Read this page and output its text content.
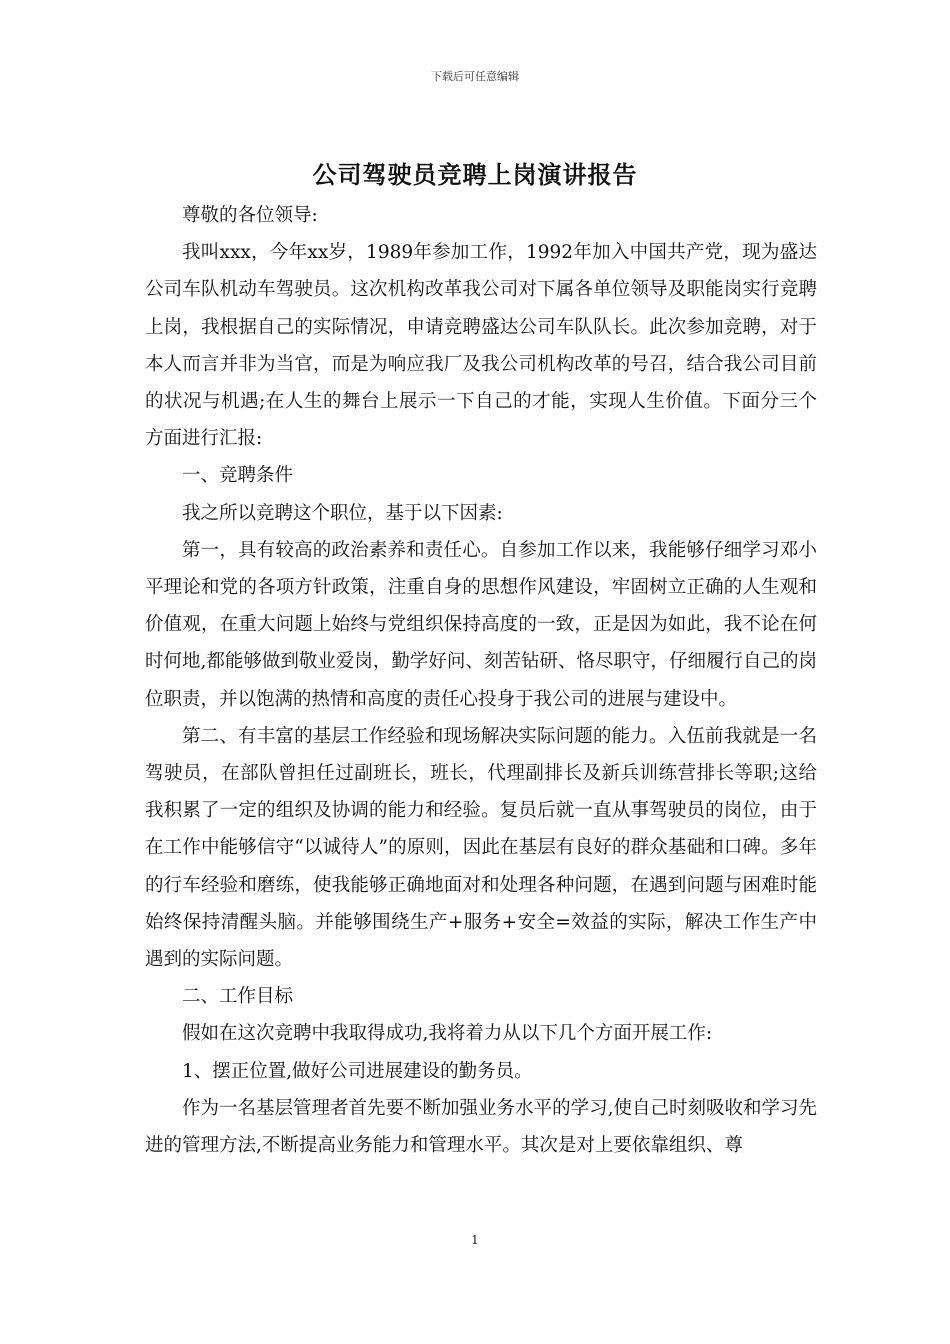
下载后可任意编辑
公司驾驶员竞聘上岗演讲报告

尊敬的各位领导:

我叫xxx，今年xx岁，1989年参加工作，1992年加入中国共产党，现为盛达公司车队机动车驾驶员。这次机构改革我公司对下属各单位领导及职能岗实行竞聘上岗，我根据自己的实际情况，申请竞聘盛达公司车队队长。此次参加竞聘，对于本人而言并非为当官，而是为响应我厂及我公司机构改革的号召，结合我公司目前的状况与机遇;在人生的舞台上展示一下自己的才能，实现人生价值。下面分三个方面进行汇报:

一、竞聘条件

我之所以竞聘这个职位，基于以下因素:

第一，具有较高的政治素养和责任心。自参加工作以来，我能够仔细学习邓小平理论和党的各项方针政策，注重自身的思想作风建设，牢固树立正确的人生观和价值观，在重大问题上始终与党组织保持高度的一致，正是因为如此，我不论在何时何地,都能够做到敬业爱岗，勤学好问、刻苦钻研、恪尽职守，仔细履行自己的岗位职责，并以饱满的热情和高度的责任心投身于我公司的进展与建设中。

第二、有丰富的基层工作经验和现场解决实际问题的能力。入伍前我就是一名驾驶员，在部队曾担任过副班长，班长，代理副排长及新兵训练营排长等职;这给我积累了一定的组织及协调的能力和经验。复员后就一直从事驾驶员的岗位，由于在工作中能够信守“以诚待人”的原则，因此在基层有良好的群众基础和口碑。多年的行车经验和磨练，使我能够正确地面对和处理各种问题，在遇到问题与困难时能始终保持清醒头脑。并能够围绕生产+服务+安全=效益的实际，解决工作生产中遇到的实际问题。

二、工作目标

假如在这次竞聘中我取得成功,我将着力从以下几个方面开展工作:

1、摆正位置,做好公司进展建设的勤务员。

作为一名基层管理者首先要不断加强业务水平的学习,使自己时刻吸收和学习先进的管理方法,不断提高业务能力和管理水平。其次是对上要依靠组织、尊

1
